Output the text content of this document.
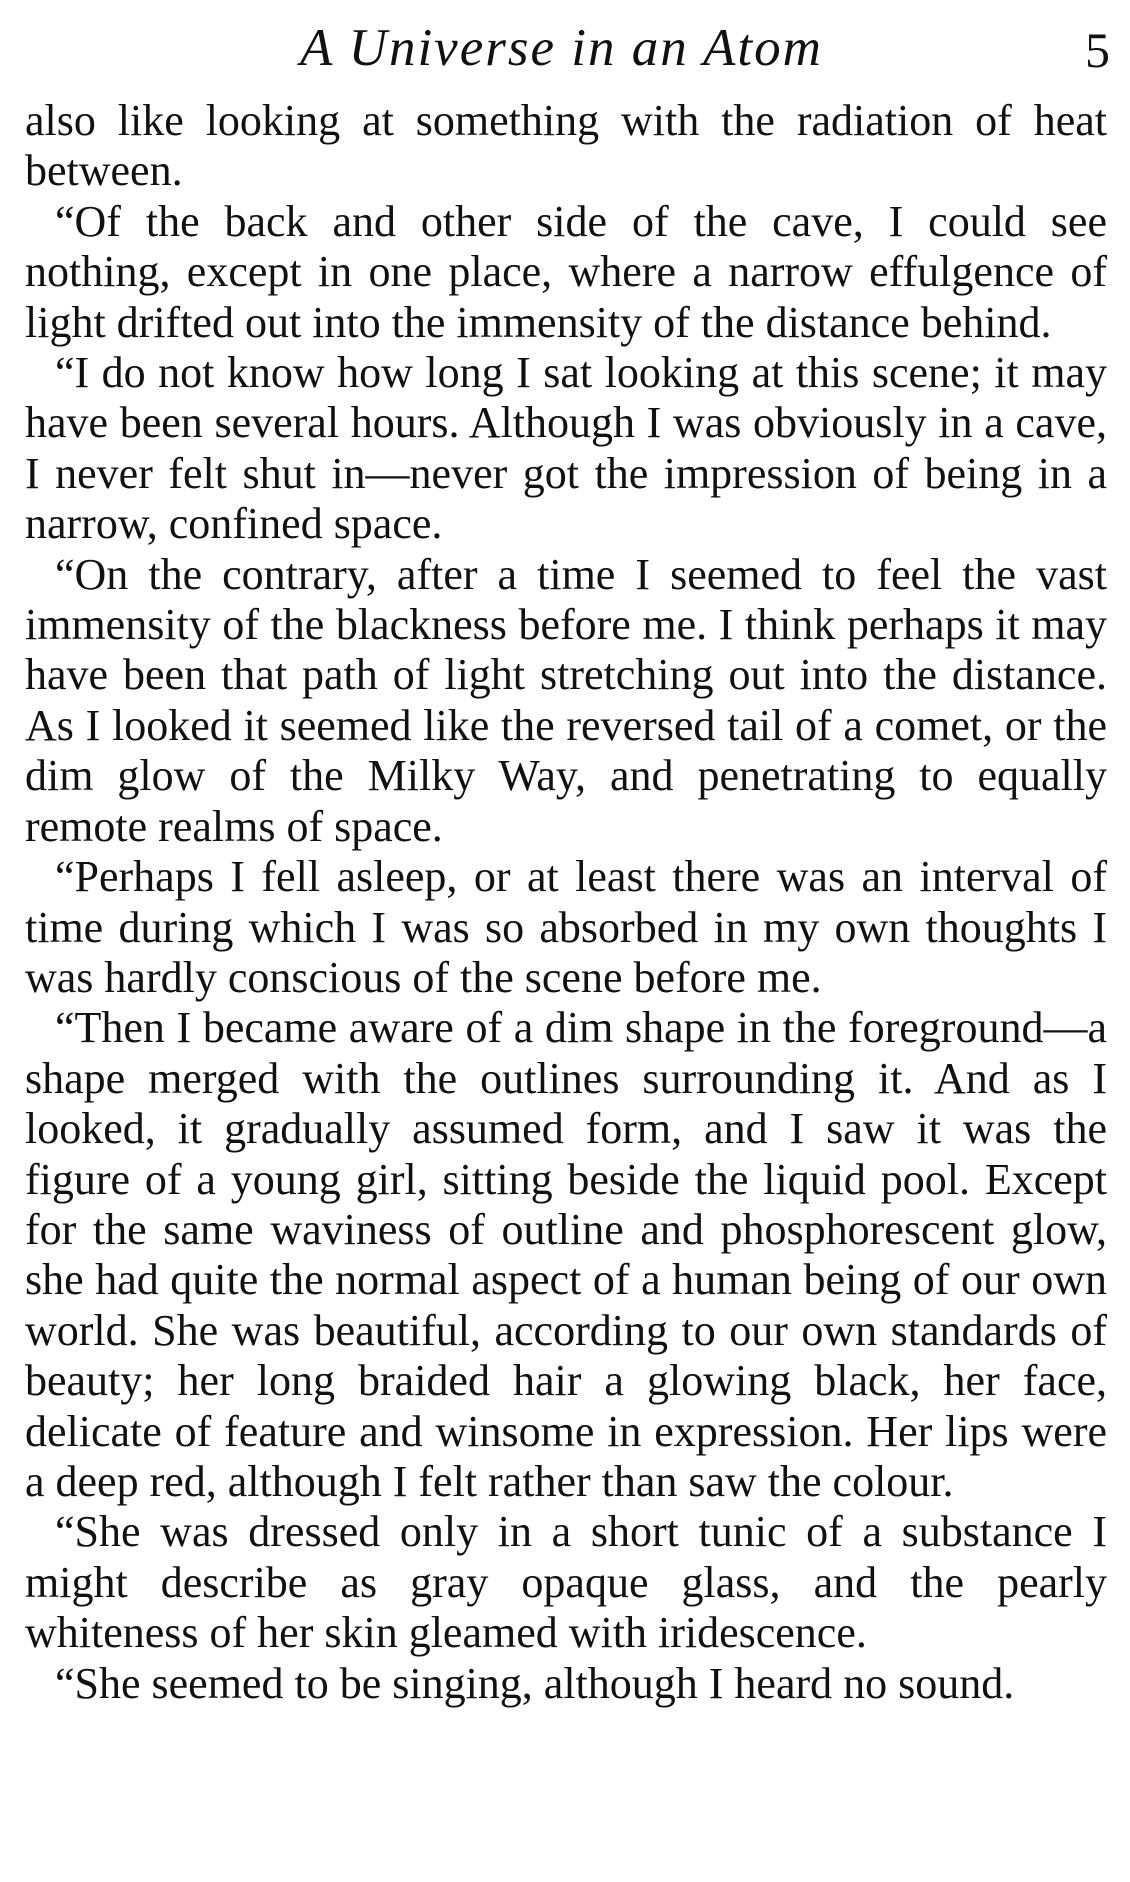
A Universe in an Atom	5

also like looking at something with the radiation of heat between.

“Of the back and other side of the cave, I could see nothing, except in one place, where a narrow effulgence of light drifted out into the immensity of the distance behind.

“I do not know how long I sat looking at this scene; it may have been several hours. Although I was obviously in a cave, I never felt shut in—never got the impression of being in a narrow, confined space.

“On the contrary, after a time I seemed to feel the vast immensity of the blackness before me. I think perhaps it may have been that path of light stretching out into the distance. As I looked it seemed like the reversed tail of a comet, or the dim glow of the Milky Way, and penetrating to equally remote realms of space.

“Perhaps I fell asleep, or at least there was an interval of time during which I was so absorbed in my own thoughts I was hardly conscious of the scene before me.

“Then I became aware of a dim shape in the foreground—a shape merged with the outlines surrounding it. And as I looked, it gradually assumed form, and I saw it was the figure of a young girl, sitting beside the liquid pool. Except for the same waviness of outline and phosphorescent glow, she had quite the normal aspect of a human being of our own world. She was beautiful, according to our own standards of beauty; her long braided hair a glowing black, her face, delicate of feature and winsome in expression. Her lips were a deep red, although I felt rather than saw the colour.

“She was dressed only in a short tunic of a substance I might describe as gray opaque glass, and the pearly whiteness of her skin gleamed with iridescence.

“She seemed to be singing, although I heard no sound.
